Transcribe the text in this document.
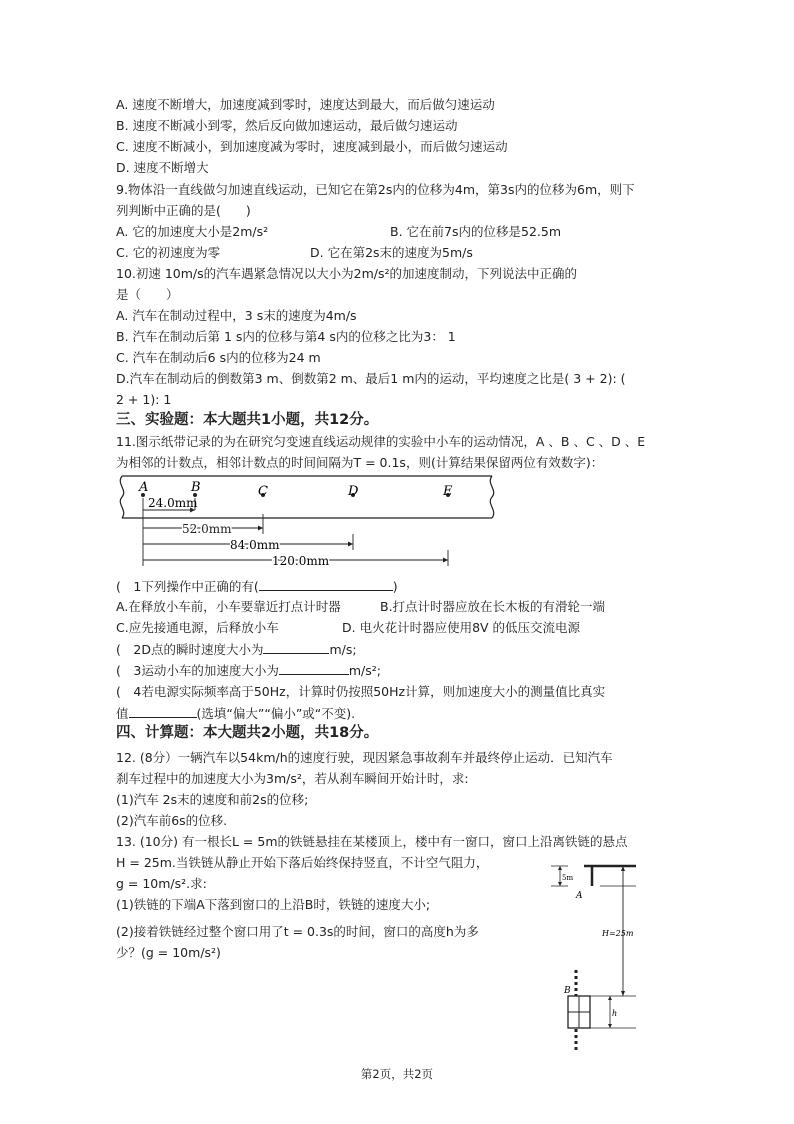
A. 速度不断增大，加速度减到零时，速度达到最大，而后做匀速运动
B. 速度不断减小到零，然后反向做加速运动，最后做匀速运动
C. 速度不断减小，到加速度减为零时，速度减到最小，而后做匀速运动
D. 速度不断增大
9.物体沿一直线做匀加速直线运动，已知它在第2s内的位移为4m，第3s内的位移为6m，则下
列判断中正确的是(　　)
A. 它的加速度大小是2m/s²	B. 它在前7s内的位移是52.5m
C. 它的初速度为零	D. 它在第2s末的速度为5m/s
10.初速 10m/s的汽车遇紧急情况以大小为2m/s²的加速度制动，下列说法中正确的
是（　　）
A. 汽车在制动过程中，3 s末的速度为4m/s
B. 汽车在制动后第 1 s内的位移与第4 s内的位移之比为3： 1
C. 汽车在制动后6 s内的位移为24 m
D.汽车在制动后的倒数第3 m、倒数第2 m、最后1 m内的运动，平均速度之比是( 3 + 2): (
2 + 1): 1
三、实验题：本大题共1小题，共12分。
11.图示纸带记录的为在研究匀变速直线运动规律的实验中小车的运动情况，A 、B 、C 、D 、E
为相邻的计数点，相邻计数点的时间间隔为T = 0.1s，则(计算结果保留两位有效数字)：
A	B	C	D	E
24.0mm
52.0mm
84.0mm
120.0mm
(　1下列操作中正确的有(	)
A.在释放小车前，小车要靠近打点计时器	B.打点计时器应放在长木板的有滑轮一端
C.应先接通电源，后释放小车	D. 电火花计时器应使用8V 的低压交流电源
(　2D点的瞬时速度大小为	m/s;
(　3运动小车的加速度大小为	m/s²;
(　4若电源实际频率高于50Hz，计算时仍按照50Hz计算，则加速度大小的测量值比真实
值	(选填“偏大”“偏小”或“不变).
四、计算题：本大题共2小题，共18分。
12. (8分）一辆汽车以54km/h的速度行驶，现因紧急事故刹车并最终停止运动．已知汽车
刹车过程中的加速度大小为3m/s²，若从刹车瞬间开始计时，求:
(1)汽车 2s末的速度和前2s的位移;
(2)汽车前6s的位移.
13. (10分) 有一根长L = 5m的铁链悬挂在某楼顶上，楼中有一窗口，窗口上沿离铁链的悬点
H = 25m.当铁链从静止开始下落后始终保持竖直，不计空气阻力，
g = 10m/s².求:
(1)铁链的下端A下落到窗口的上沿B时，铁链的速度大小;
(2)接着铁链经过整个窗口用了t = 0.3s的时间，窗口的高度h为多
少？(g = 10m/s²)
5m
A
H=25m
B
h
第2页，共2页
